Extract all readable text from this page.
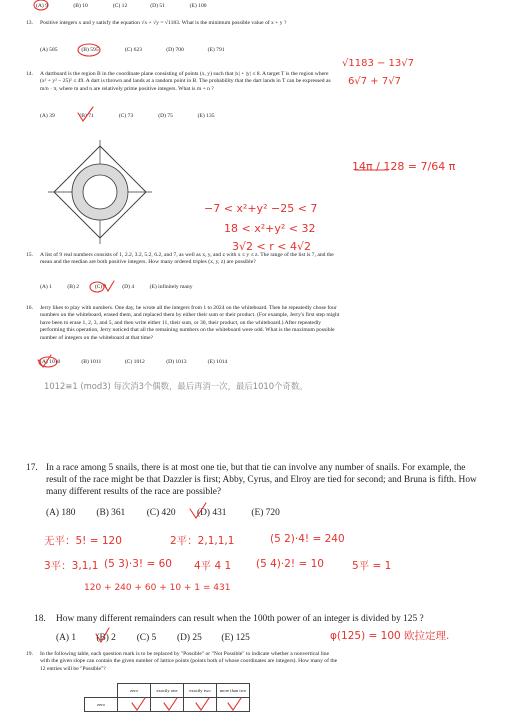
(A) 9	(B) 10	(C) 12	(D) 51	(E) 100
13. Positive integers x and y satisfy the equation √x + √y = √1183. What is the minimum possible value of x + y ?
(A) 585	(B) 595	(C) 623	(D) 700	(E) 791
14. A dartboard is the region B in the coordinate plane consisting of points (x, y) such that |x| + |y| ≤ 8. A target T is the region where (x² + y² − 25)² ≤ 49. A dart is thrown and lands at a random point in B. The probability that the dart lands in T can be expressed as m/n · π, where m and n are relatively prime positive integers. What is m + n ?
(A) 39	(B) 71	(C) 73	(D) 75	(E) 135
15. A list of 9 real numbers consists of 1, 2.2, 3.2, 5.2, 6.2, and 7, as well as x, y, and z with x ≤ y ≤ z. The range of the list is 7, and the mean and the median are both positive integers. How many ordered triples (x, y, z) are possible?
(A) 1	(B) 2	(C) 3	(D) 4	(E) infinitely many
16. Jerry likes to play with numbers. One day, he wrote all the integers from 1 to 2024 on the whiteboard. Then he repeatedly chose four numbers on the whiteboard, erased them, and replaced them by either their sum or their product. (For example, Jerry's first step might have been to erase 1, 2, 3, and 5, and then write either 11, their sum, or 30, their product, on the whiteboard.) After repeatedly performing this operation, Jerry noticed that all the remaining numbers on the whiteboard were odd. What is the maximum possible number of integers on the whiteboard at that time?
(A) 1010	(B) 1011	(C) 1012	(D) 1013	(E) 1014
1012≡1 (mod3) 每次消3个偶数，最后再消一次，最后1010个奇数。
17. In a race among 5 snails, there is at most one tie, but that tie can involve any number of snails. For example, the result of the race might be that Dazzler is first; Abby, Cyrus, and Elroy are tied for second; and Bruna is fifth. How many different results of the race are possible?
(A) 180 (B) 361 (C) 420 (D) 431	(E) 720
18. How many different remainders can result when the 100th power of an integer is divided by 125 ?
(A) 1 (B) 2 (C) 5 (D) 25 (E) 125
19. In the following table, each question mark is to be replaced by "Possible" or "Not Possible" to indicate whether a nonvertical line with the given slope can contain the given number of lattice points (points both of whose coordinates are integers). How many of the 12 entries will be "Possible"?
	zero	exactly one	exactly two	more than two
zero				
√1183 − 13√7
6√7 + 7√7
14π / 128 = 7/64 π
−7 < x²+y² −25 < 7
18 < x²+y² < 32
3√2 < r < 4√2
无平：5! = 120	2平：2,1,1,1	(5 2)·4! = 240
3平：3,1,1 (5 3)·3! = 60 4平 4 1 (5 4)·2! = 10	5平 = 1
120 + 240 + 60 + 10 + 1 = 431
φ(125) = 100 欧拉定理.
